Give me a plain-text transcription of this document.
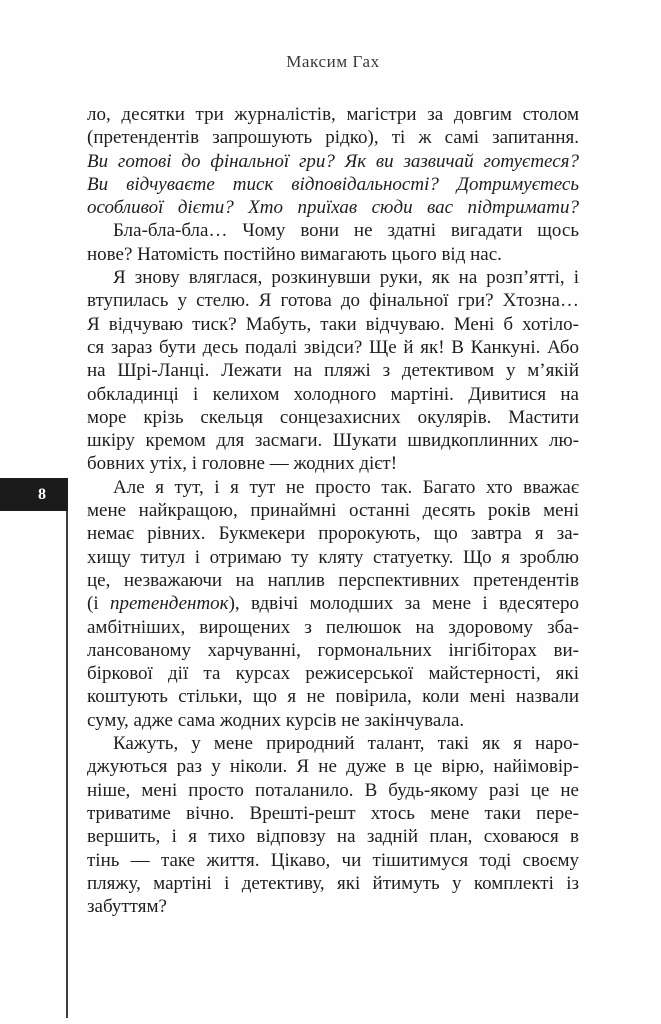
Максим Гах
8
ло, десятки три журналістів, магістри за довгим столом
(претендентів запрошують рідко), ті ж самі запитання.
Ви готові до фінальної гри? Як ви зазвичай готуєтеся?
Ви відчуваєте тиск відповідальності? Дотримуєтесь
особливої дієти? Хто приїхав сюди вас підтримати?
Бла-бла-бла… Чому вони не здатні вигадати щось
нове? Натомість постійно вимагають цього від нас.
Я знову вляглася, розкинувши руки, як на розп’ятті, і
втупилась у стелю. Я готова до фінальної гри? Хтозна…
Я відчуваю тиск? Мабуть, таки відчуваю. Мені б хотіло-
ся зараз бути десь подалі звідси? Ще й як! В Канкуні. Або
на Шрі-Ланці. Лежати на пляжі з детективом у м’якій
обкладинці і келихом холодного мартіні. Дивитися на
море крізь скельця сонцезахисних окулярів. Мастити
шкіру кремом для засмаги. Шукати швидкоплинних лю-
бовних утіх, і головне — жодних дієт!
Але я тут, і я тут не просто так. Багато хто вважає
мене найкращою, принаймні останні десять років мені
немає рівних. Букмекери пророкують, що завтра я за-
хищу титул і отримаю ту кляту статуетку. Що я зроблю
це, незважаючи на наплив перспективних претендентів
(і претенденток), вдвічі молодших за мене і вдесятеро
амбітніших, вирощених з пелюшок на здоровому зба-
лансованому харчуванні, гормональних інгібіторах ви-
біркової дії та курсах режисерської майстерності, які
коштують стільки, що я не повірила, коли мені назвали
суму, адже сама жодних курсів не закінчувала.
Кажуть, у мене природний талант, такі як я наро-
джуються раз у ніколи. Я не дуже в це вірю, найімовір-
ніше, мені просто поталанило. В будь-якому разі це не
триватиме вічно. Врешті-решт хтось мене таки пере-
вершить, і я тихо відповзу на задній план, сховаюся в
тінь — таке життя. Цікаво, чи тішитимуся тоді своєму
пляжу, мартіні і детективу, які йтимуть у комплекті із
забуттям?
